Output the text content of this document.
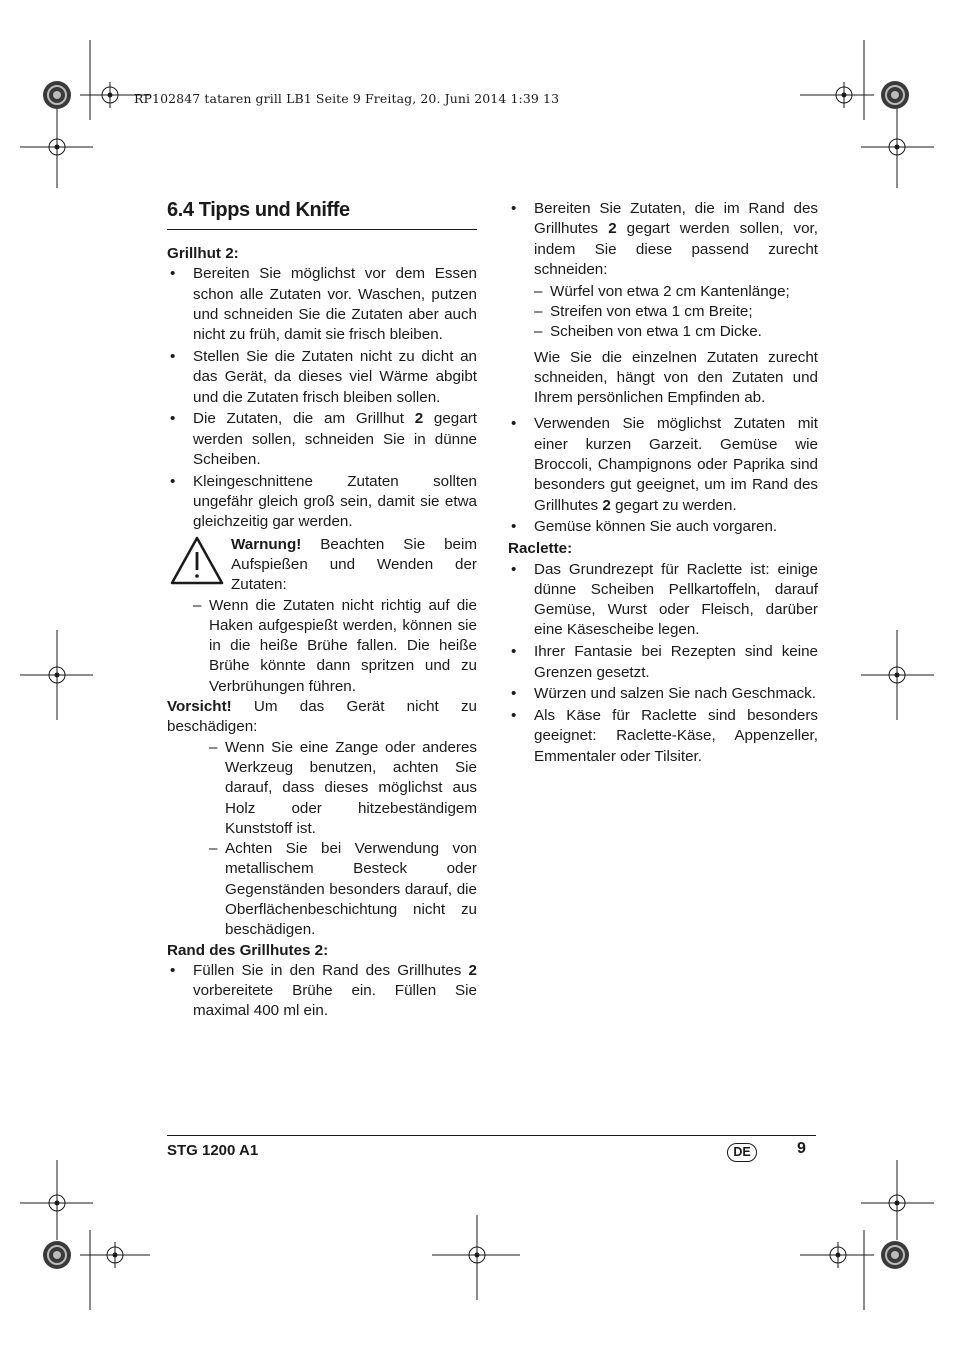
RP102847 tataren grill LB1 Seite 9 Freitag, 20. Juni 2014 1:39 13
6.4 Tipps und Kniffe

Grillhut 2:

• Bereiten Sie möglichst vor dem Essen schon alle Zutaten vor. Waschen, putzen und schneiden Sie die Zutaten aber auch nicht zu früh, damit sie frisch bleiben.
• Stellen Sie die Zutaten nicht zu dicht an das Gerät, da dieses viel Wärme abgibt und die Zutaten frisch bleiben sollen.
• Die Zutaten, die am Grillhut 2 gegart werden sollen, schneiden Sie in dünne Scheiben.
• Kleingeschnittene Zutaten sollten ungefähr gleich groß sein, damit sie etwa gleichzeitig gar werden.
Warnung! Beachten Sie beim Aufspießen und Wenden der Zutaten:
– Wenn die Zutaten nicht richtig auf die Haken aufgespießt werden, können sie in die heiße Brühe fallen. Die heiße Brühe könnte dann spritzen und zu Verbrühungen führen.

Vorsicht! Um das Gerät nicht zu beschädigen:

– Wenn Sie eine Zange oder anderes Werkzeug benutzen, achten Sie darauf, dass dieses möglichst aus Holz oder hitzebeständigem Kunststoff ist.
– Achten Sie bei Verwendung von metallischem Besteck oder Gegenständen besonders darauf, die Oberflächenbeschichtung nicht zu beschädigen.

Rand des Grillhutes 2:

• Füllen Sie in den Rand des Grillhutes 2 vorbereitete Brühe ein. Füllen Sie maximal 400 ml ein.
• Bereiten Sie Zutaten, die im Rand des Grillhutes 2 gegart werden sollen, vor, indem Sie diese passend zurecht schneiden:
– Würfel von etwa 2 cm Kantenlänge;
– Streifen von etwa 1 cm Breite;
– Scheiben von etwa 1 cm Dicke.

Wie Sie die einzelnen Zutaten zurecht schneiden, hängt von den Zutaten und Ihrem persönlichen Empfinden ab.

• Verwenden Sie möglichst Zutaten mit einer kurzen Garzeit. Gemüse wie Broccoli, Champignons oder Paprika sind besonders gut geeignet, um im Rand des Grillhutes 2 gegart zu werden.
• Gemüse können Sie auch vorgaren.

Raclette:

• Das Grundrezept für Raclette ist: einige dünne Scheiben Pellkartoffeln, darauf Gemüse, Wurst oder Fleisch, darüber eine Käsescheibe legen.
• Ihrer Fantasie bei Rezepten sind keine Grenzen gesetzt.
• Würzen und salzen Sie nach Geschmack.
• Als Käse für Raclette sind besonders geeignet: Raclette-Käse, Appenzeller, Emmentaler oder Tilsiter.
STG 1200 A1	DE	9
